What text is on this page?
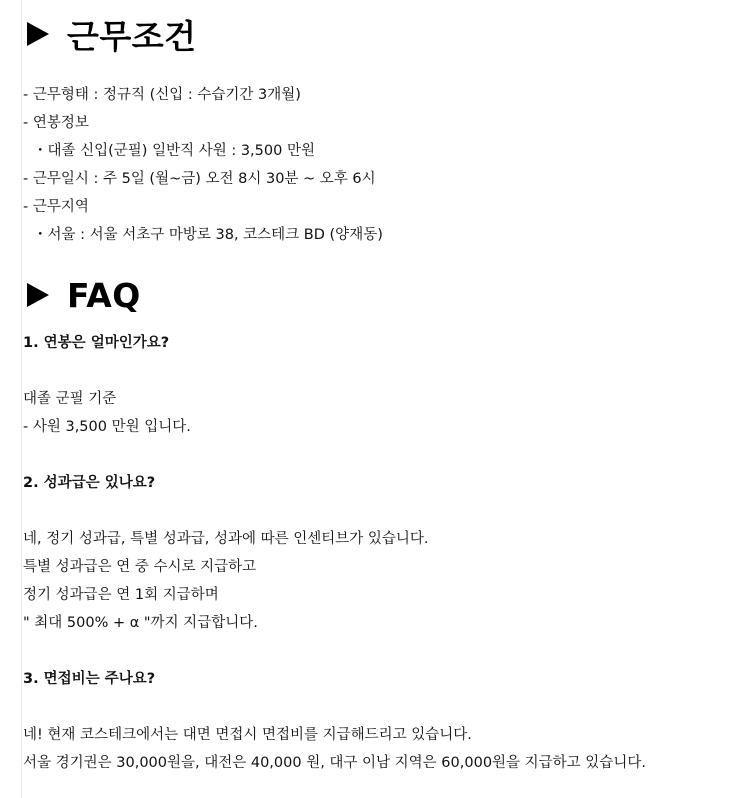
근무조건
- 근무형태 : 정규직 (신입 : 수습기간 3개월)
- 연봉정보
・대졸 신입(군필) 일반직 사원 : 3,500 만원
- 근무일시 : 주 5일 (월~금) 오전 8시 30분 ~ 오후 6시
- 근무지역
・서울 : 서울 서초구 마방로 38, 코스테크 BD (양재동)
FAQ
1. 연봉은 얼마인가요?
대졸 군필 기준
- 사원 3,500 만원 입니다.
2. 성과급은 있나요?
네, 정기 성과급, 특별 성과급, 성과에 따른 인센티브가 있습니다.
특별 성과급은 연 중 수시로 지급하고
정기 성과급은 연 1회 지급하며
" 최대 500% + α "까지 지급합니다.
3. 면접비는 주나요?
네! 현재 코스테크에서는 대면 면접시 면접비를 지급해드리고 있습니다.
서울 경기권은 30,000원을, 대전은 40,000 원, 대구 이남 지역은 60,000원을 지급하고 있습니다.
